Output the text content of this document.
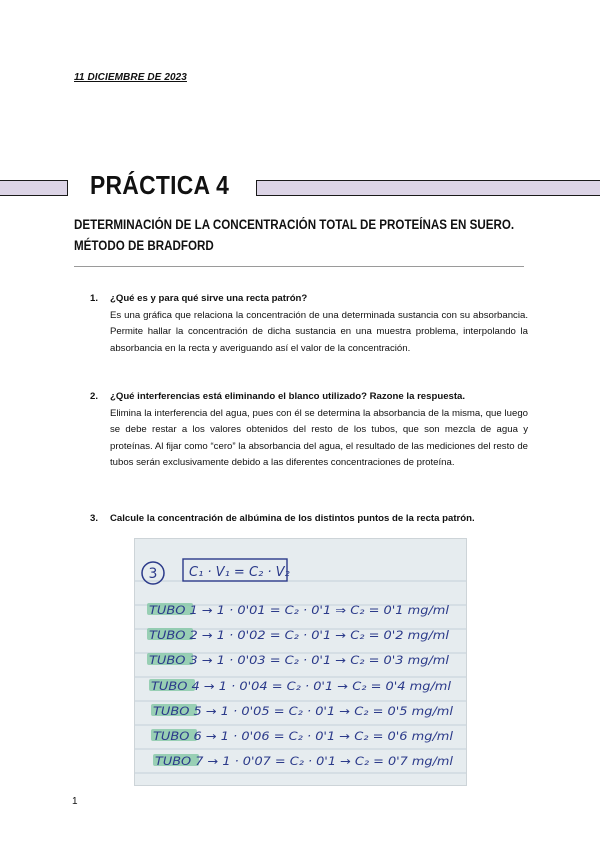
11 DICIEMBRE DE 2023
PRÁCTICA 4
DETERMINACIÓN DE LA CONCENTRACIÓN TOTAL DE PROTEÍNAS EN SUERO.
MÉTODO DE BRADFORD
1. ¿Qué es y para qué sirve una recta patrón?
Es una gráfica que relaciona la concentración de una determinada sustancia con su absorbancia. Permite hallar la concentración de dicha sustancia en una muestra problema, interpolando la absorbancia en la recta y averiguando así el valor de la concentración.
2. ¿Qué interferencias está eliminando el blanco utilizado? Razone la respuesta.
Elimina la interferencia del agua, pues con él se determina la absorbancia de la misma, que luego se debe restar a los valores obtenidos del resto de los tubos, que son mezcla de agua y proteínas. Al fijar como “cero” la absorbancia del agua, el resultado de las mediciones del resto de tubos serán exclusivamente debido a las diferentes concentraciones de proteína.
3. Calcule la concentración de albúmina de los distintos puntos de la recta patrón.
3 C₁ · V₁ = C₂ · V₂
TUBO 1 → 1 · 0'01 = C₂ · 0'1 ⇒ C₂ = 0'1 mg/ml
TUBO 2 → 1 · 0'02 = C₂ · 0'1 → C₂ = 0'2 mg/ml
TUBO 3 → 1 · 0'03 = C₂ · 0'1 → C₂ = 0'3 mg/ml
TUBO 4 → 1 · 0'04 = C₂ · 0'1 → C₂ = 0'4 mg/ml
TUBO 5 → 1 · 0'05 = C₂ · 0'1 → C₂ = 0'5 mg/ml
TUBO 6 → 1 · 0'06 = C₂ · 0'1 → C₂ = 0'6 mg/ml
TUBO 7 → 1 · 0'07 = C₂ · 0'1 → C₂ = 0'7 mg/ml
1
